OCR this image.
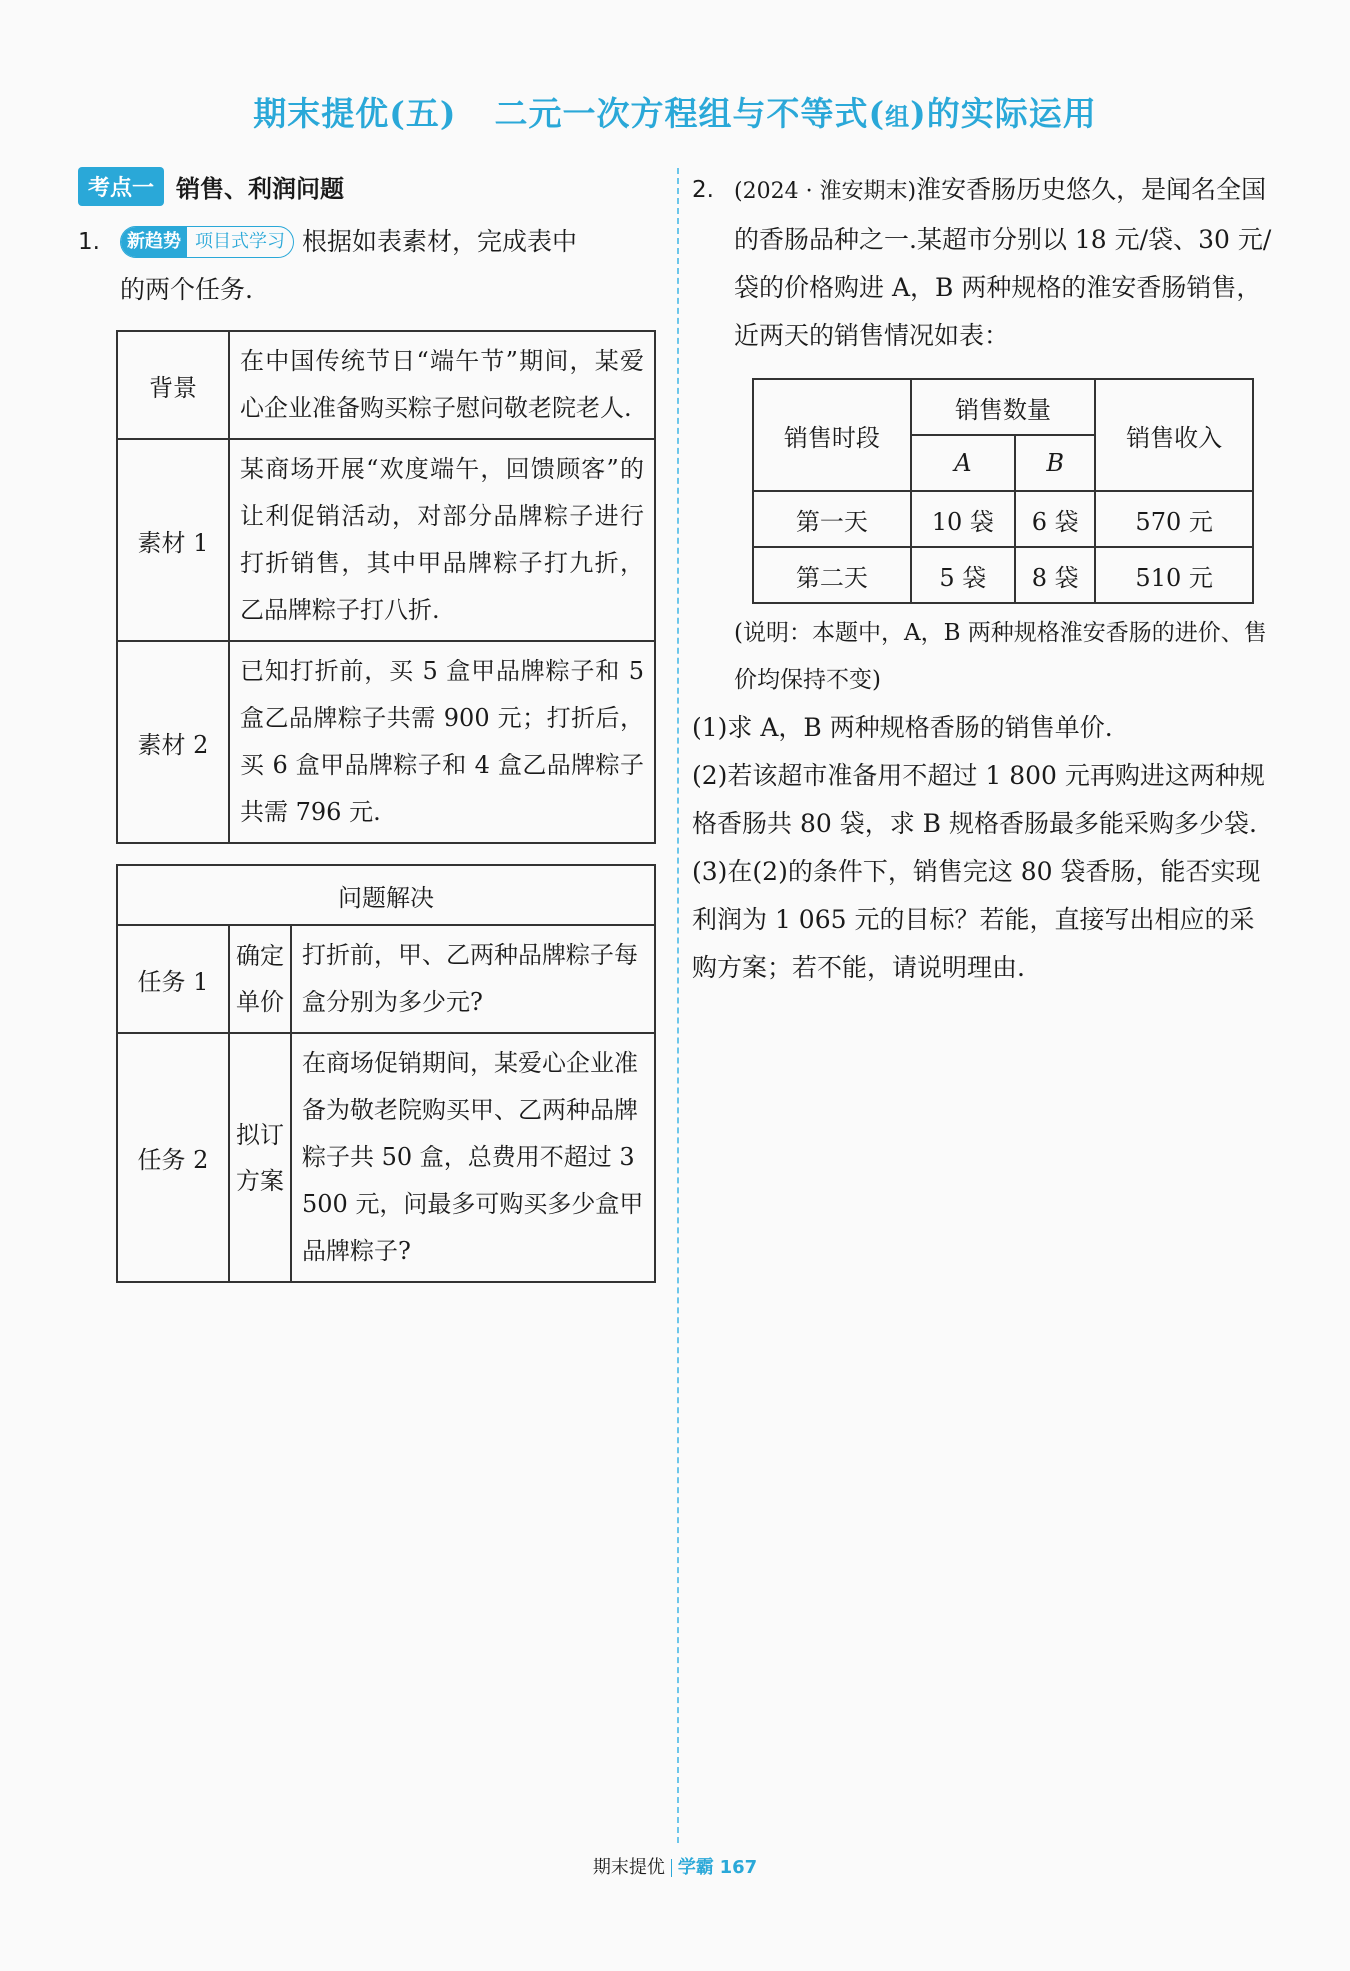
期末提优(五) 二元一次方程组与不等式(组)的实际运用
考点一 销售、利润问题
1.	新趋势 项目式学习 根据如表素材，完成表中
的两个任务.
背景	在中国传统节日“端午节”期间，某爱心企业准备购买粽子慰问敬老院老人.
素材 1	某商场开展“欢度端午，回馈顾客”的让利促销活动，对部分品牌粽子进行打折销售，其中甲品牌粽子打九折，乙品牌粽子打八折.
素材 2	已知打折前，买 5 盒甲品牌粽子和 5 盒乙品牌粽子共需 900 元；打折后，买 6 盒甲品牌粽子和 4 盒乙品牌粽子共需 796 元.
问题解决		
任务 1	确定单价	打折前，甲、乙两种品牌粽子每盒分别为多少元?
任务 2	拟订方案	在商场促销期间，某爱心企业准备为敬老院购买甲、乙两种品牌粽子共 50 盒，总费用不超过 3 500 元，问最多可购买多少盒甲品牌粽子?
2. (2024 · 淮安期末)淮安香肠历史悠久，是闻名全国的香肠品种之一.某超市分别以 18 元/袋、30 元/袋的价格购进 A，B 两种规格的淮安香肠销售，近两天的销售情况如表：
销售时段	销售数量		销售收入
	A	B	
第一天	10 袋	6 袋	570 元
第二天	5 袋	8 袋	510 元
(说明：本题中，A，B 两种规格淮安香肠的进价、售价均保持不变)
(1)求 A，B 两种规格香肠的销售单价.
(2)若该超市准备用不超过 1 800 元再购进这两种规格香肠共 80 袋，求 B 规格香肠最多能采购多少袋.
(3)在(2)的条件下，销售完这 80 袋香肠，能否实现利润为 1 065 元的目标？若能，直接写出相应的采购方案；若不能，请说明理由.
期末提优 学霸 167
